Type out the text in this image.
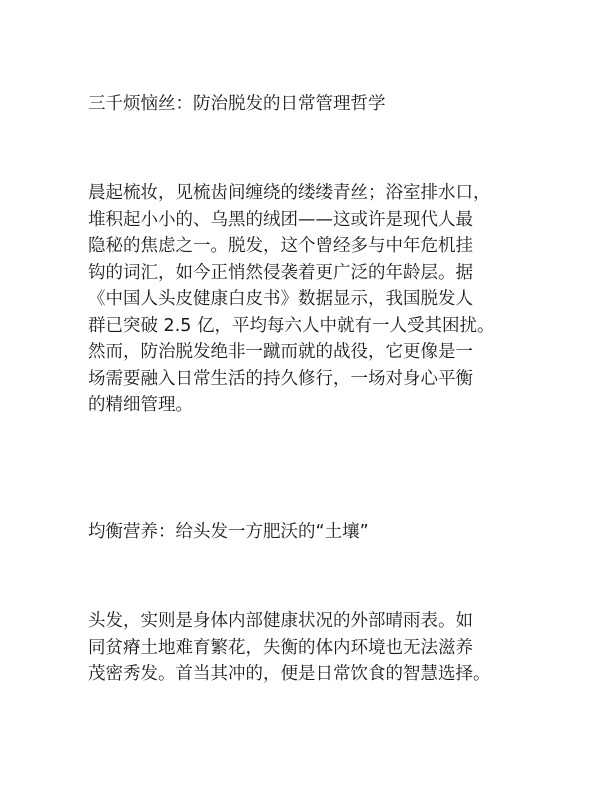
三千烦恼丝：防治脱发的日常管理哲学
晨起梳妆，见梳齿间缠绕的缕缕青丝；浴室排水口，
堆积起小小的、乌黑的绒团——这或许是现代人最
隐秘的焦虑之一。脱发，这个曾经多与中年危机挂
钩的词汇，如今正悄然侵袭着更广泛的年龄层。据
《中国人头皮健康白皮书》数据显示，我国脱发人
群已突破 2.5 亿，平均每六人中就有一人受其困扰。
然而，防治脱发绝非一蹴而就的战役，它更像是一
场需要融入日常生活的持久修行，一场对身心平衡
的精细管理。
均衡营养：给头发一方肥沃的“土壤”
头发，实则是身体内部健康状况的外部晴雨表。如
同贫瘠土地难育繁花，失衡的体内环境也无法滋养
茂密秀发。首当其冲的，便是日常饮食的智慧选择。
